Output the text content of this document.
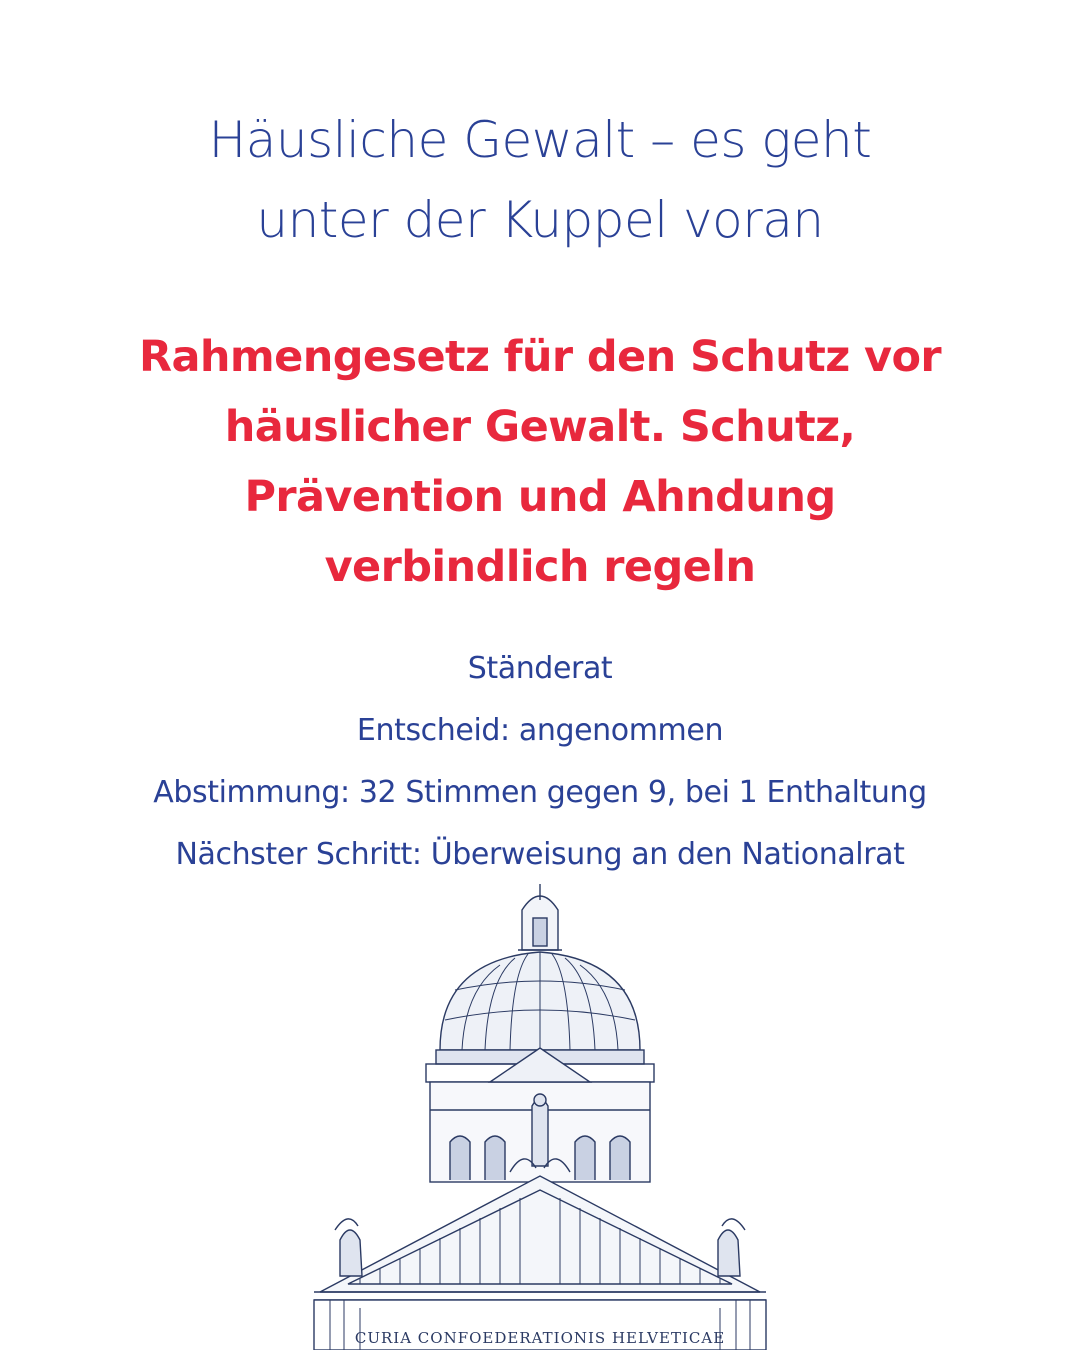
Häusliche Gewalt – es geht
unter der Kuppel voran
Rahmengesetz für den Schutz vor
häuslicher Gewalt. Schutz,
Prävention und Ahndung
verbindlich regeln
Ständerat
Entscheid: angenommen
Abstimmung: 32 Stimmen gegen 9, bei 1 Enthaltung
Nächster Schritt: Überweisung an den Nationalrat
CURIA CONFOEDERATIONIS HELVETICAE
